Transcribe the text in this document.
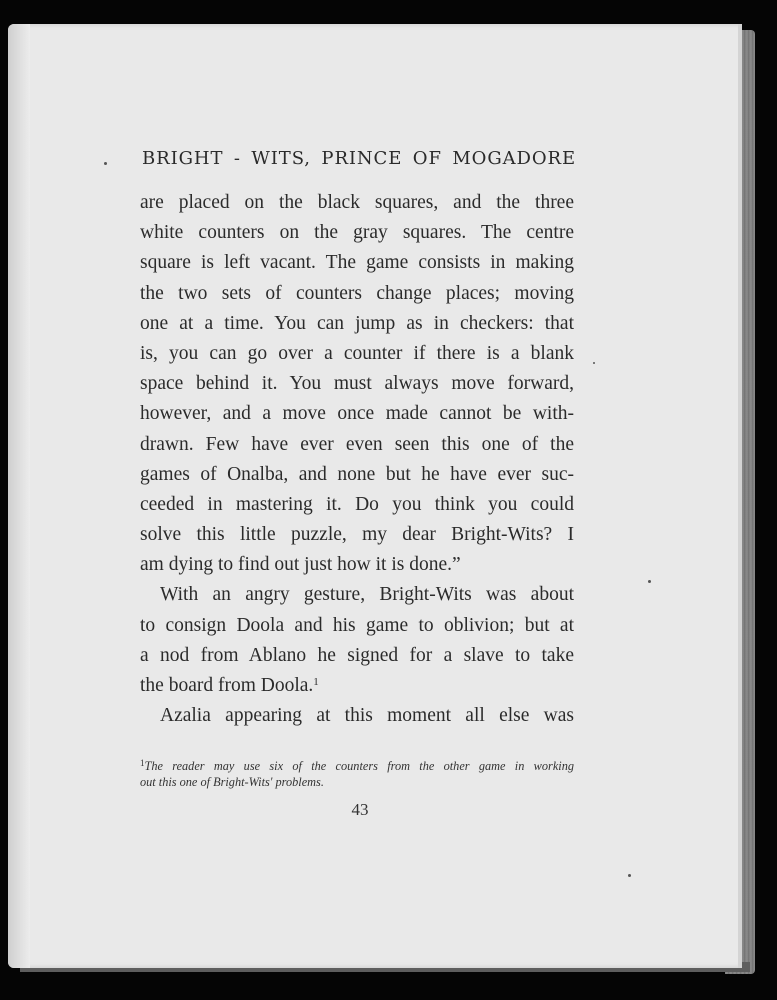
BRIGHT - WITS, PRINCE OF MOGADORE
are placed on the black squares, and the three
white counters on the gray squares. The centre
square is left vacant. The game consists in making
the two sets of counters change places; moving
one at a time. You can jump as in checkers: that
is, you can go over a counter if there is a blank
space behind it. You must always move forward,
however, and a move once made cannot be with-
drawn. Few have ever even seen this one of the
games of Onalba, and none but he have ever suc-
ceeded in mastering it. Do you think you could
solve this little puzzle, my dear Bright-Wits? I
am dying to find out just how it is done.”
With an angry gesture, Bright-Wits was about
to consign Doola and his game to oblivion; but at
a nod from Ablano he signed for a slave to take
the board from Doola.$^1$
Azalia appearing at this moment all else was
$^1$The reader may use six of the counters from the other game in working
out this one of Bright-Wits' problems.
43
